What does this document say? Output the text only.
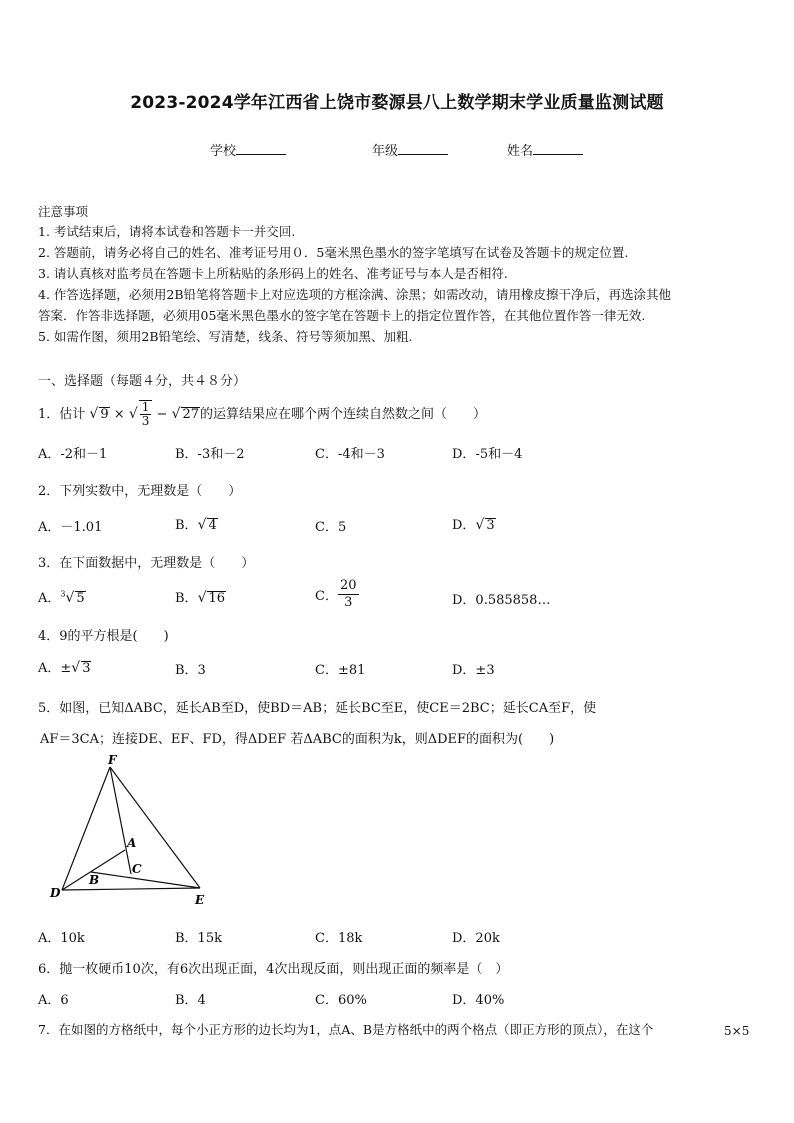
2023-2024学年江西省上饶市婺源县八上数学期末学业质量监测试题
学校	年级	姓名
注意事项
1. 考试结束后，请将本试卷和答题卡一并交回.
2. 答题前，请务必将自己的姓名、准考证号用０．5毫米黑色墨水的签字笔填写在试卷及答题卡的规定位置.
3. 请认真核对监考员在答题卡上所粘贴的条形码上的姓名、准考证号与本人是否相符.
4. 作答选择题，必须用2B铅笔将答题卡上对应选项的方框涂满、涂黑；如需改动，请用橡皮擦干净后，再选涂其他
答案．作答非选择题，必须用05毫米黑色墨水的签字笔在答题卡上的指定位置作答，在其他位置作答一律无效.
5. 如需作图，须用2B铅笔绘、写清楚，线条、符号等须加黑、加粗.
一、选择题（每题４分，共４８分）
1．估计 √ 9 × √ $\frac{1}{3}$ − √ 27的运算结果应在哪个两个连续自然数之间（　　）
A．-2和－1	B．-3和－2	C．-4和－3	D．-5和－4
2．下列实数中，无理数是（　　）
A．－1.01	B．√ 4	C．5	D．√ 3
3．在下面数据中，无理数是（　　）
A．$^3$√ 5	B．√ 16	C． $\frac{20}{3}$	D．0.585858…
4．9的平方根是(　　)
A．±√ 3	B．3	C．±81	D．±3
5．如图，已知ΔABC，延长AB至D，使BD＝AB；延长BC至E，使CE＝2BC；延长CA至F，使
AF＝3CA；连接DE、EF、FD，得ΔDEF 若ΔABC的面积为k，则ΔDEF的面积为(　　)
F
A
C
B
D	E
A．10k	B．15k	C．18k	D．20k
6．抛一枚硬币10次，有6次出现正面，4次出现反面，则出现正面的频率是（　）
A．6	B．4	C．60%	D．40%
7．在如图的方格纸中，每个小正方形的边长均为1，点A、B是方格纸中的两个格点（即正方形的顶点），在这个	5×5
